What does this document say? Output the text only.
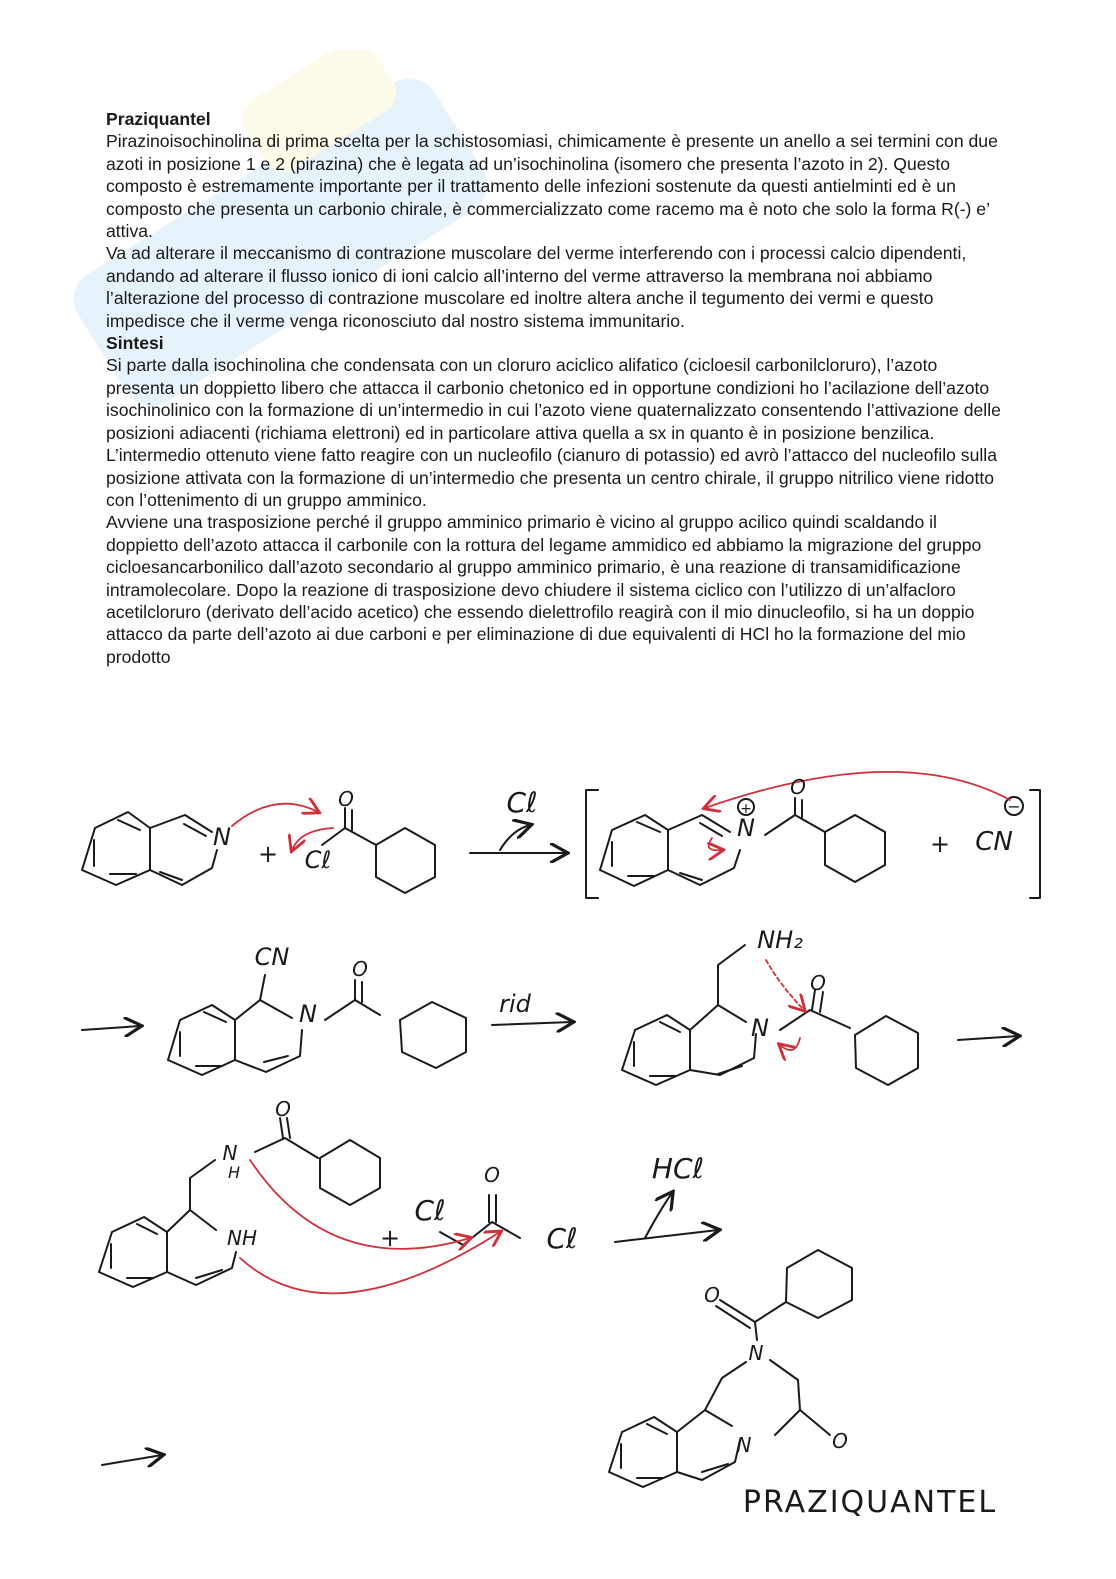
Praziquantel

Pirazinoisochinolina di prima scelta per la schistosomiasi, chimicamente è presente un anello a sei termini con due azoti in posizione 1 e 2 (pirazina) che è legata ad un’isochinolina (isomero che presenta l’azoto in 2). Questo composto è estremamente importante per il trattamento delle infezioni sostenute da questi antielminti ed è un composto che presenta un carbonio chirale, è commercializzato come racemo ma è noto che solo la forma R(-) e’ attiva.

Va ad alterare il meccanismo di contrazione muscolare del verme interferendo con i processi calcio dipendenti, andando ad alterare il flusso ionico di ioni calcio all’interno del verme attraverso la membrana noi abbiamo l’alterazione del processo di contrazione muscolare ed inoltre altera anche il tegumento dei vermi e questo impedisce che il verme venga riconosciuto dal nostro sistema immunitario.

Sintesi

Si parte dalla isochinolina che condensata con un cloruro aciclico alifatico (cicloesil carbonilcloruro), l’azoto presenta un doppietto libero che attacca il carbonio chetonico ed in opportune condizioni ho l’acilazione dell’azoto isochinolinico con la formazione di un’intermedio in cui l’azoto viene quaternalizzato consentendo l’attivazione delle posizioni adiacenti (richiama elettroni) ed in particolare attiva quella a sx in quanto è in posizione benzilica. L’intermedio ottenuto viene fatto reagire con un nucleofilo (cianuro di potassio) ed avrò l’attacco del nucleofilo sulla posizione attivata con la formazione di un’intermedio che presenta un centro chirale, il gruppo nitrilico viene ridotto con l’ottenimento di un gruppo amminico.

Avviene una trasposizione perché il gruppo amminico primario è vicino al gruppo acilico quindi scaldando il doppietto dell’azoto attacca il carbonile con la rottura del legame ammidico ed abbiamo la migrazione del gruppo cicloesancarbonilico dall’azoto secondario al gruppo amminico primario, è una reazione di transamidificazione intramolecolare. Dopo la reazione di trasposizione devo chiudere il sistema ciclico con l’utilizzo di un’alfacloro acetilcloruro (derivato dell’acido acetico) che essendo dielettrofilo reagirà con il mio dinucleofilo, si ha un doppio attacco da parte dell’azoto ai due carboni e per eliminazione di due equivalenti di HCl ho la formazione del mio prodotto

N
+
O
Cℓ
Cℓ	O
N
+
+ CN
−
CN	O
N	rid
NH₂
O
N
O
N
H
NH	+
Cℓ
O
Cℓ
HCℓ
O
N
N	O
PRAZIQUANTEL
